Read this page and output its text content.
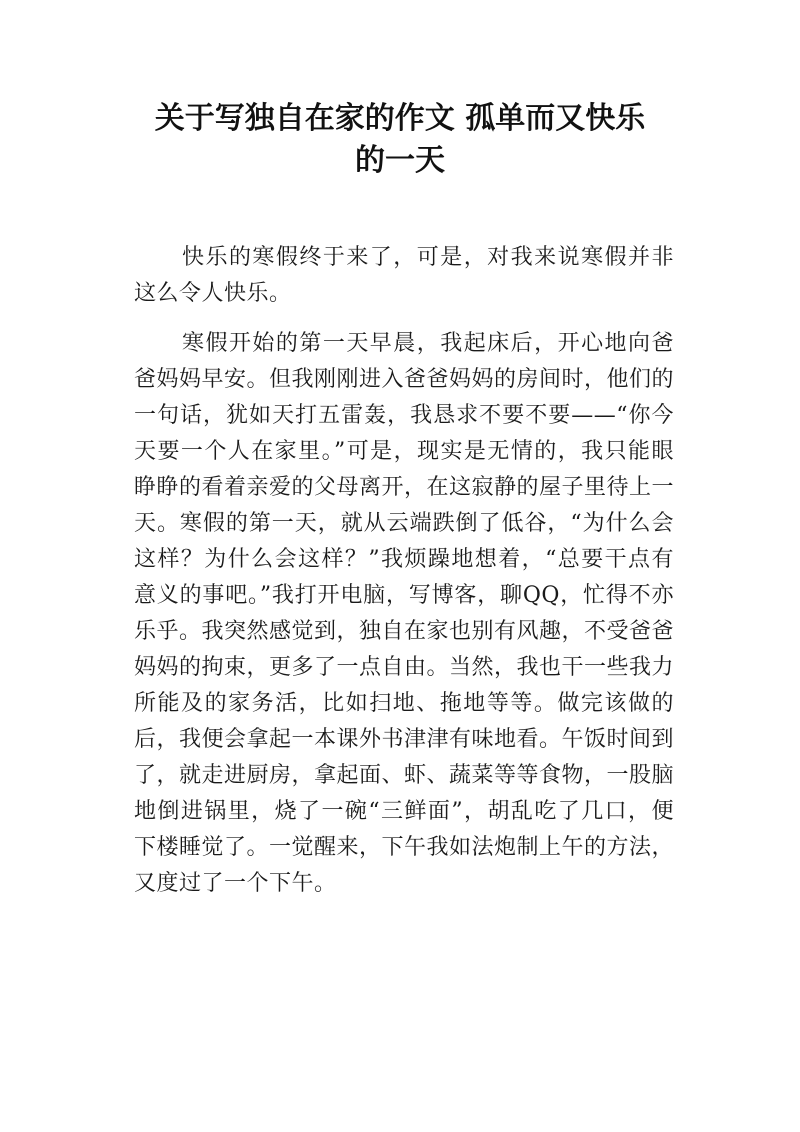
关于写独自在家的作文 孤单而又快乐
的一天

快乐的寒假终于来了，可是，对我来说寒假并非这么令人快乐。

寒假开始的第一天早晨，我起床后，开心地向爸爸妈妈早安。但我刚刚进入爸爸妈妈的房间时，他们的一句话，犹如天打五雷轰，我恳求不要不要——“你今天要一个人在家里。”可是，现实是无情的，我只能眼睁睁的看着亲爱的父母离开，在这寂静的屋子里待上一天。寒假的第一天，就从云端跌倒了低谷，“为什么会这样？为什么会这样？”我烦躁地想着，“总要干点有意义的事吧。”我打开电脑，写博客，聊QQ，忙得不亦乐乎。我突然感觉到，独自在家也别有风趣，不受爸爸妈妈的拘束，更多了一点自由。当然，我也干一些我力所能及的家务活，比如扫地、拖地等等。做完该做的后，我便会拿起一本课外书津津有味地看。午饭时间到了，就走进厨房，拿起面、虾、蔬菜等等食物，一股脑地倒进锅里，烧了一碗“三鲜面”，胡乱吃了几口，便下楼睡觉了。一觉醒来，下午我如法炮制上午的方法，又度过了一个下午。
